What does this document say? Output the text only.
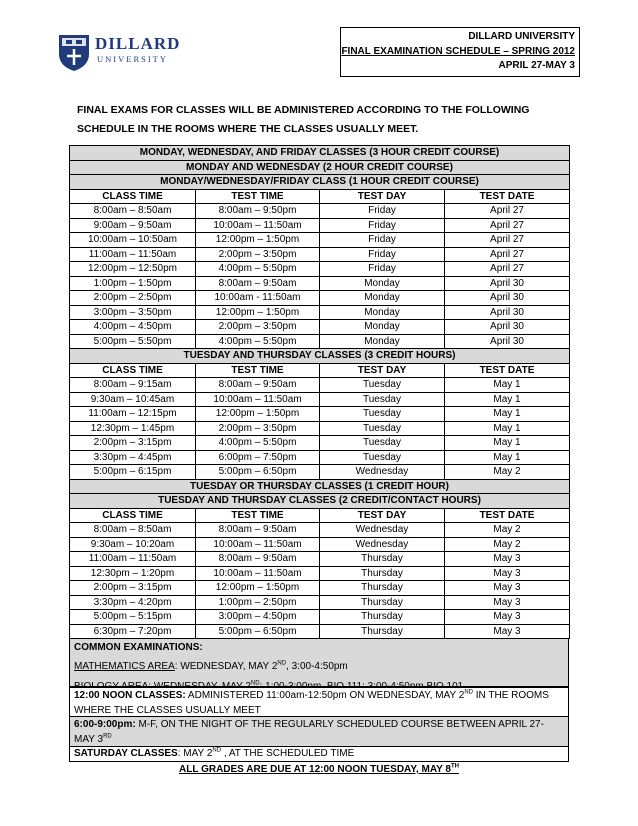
DILLARD
UNIVERSITY
DILLARD UNIVERSITY
FINAL EXAMINATION SCHEDULE – SPRING 2012
APRIL 27-MAY 3
FINAL EXAMS FOR CLASSES WILL BE ADMINISTERED ACCORDING TO THE FOLLOWING SCHEDULE IN THE ROOMS WHERE THE CLASSES USUALLY MEET.
MONDAY, WEDNESDAY, AND FRIDAY CLASSES (3 HOUR CREDIT COURSE)			
MONDAY AND WEDNESDAY (2 HOUR CREDIT COURSE)			
MONDAY/WEDNESDAY/FRIDAY CLASS (1 HOUR CREDIT COURSE)			
CLASS TIME	TEST TIME	TEST DAY	TEST DATE
8:00am – 8:50am	8:00am – 9:50pm	Friday	April 27
9:00am – 9:50am	10:00am – 11:50am	Friday	April 27
10:00am – 10:50am	12:00pm – 1:50pm	Friday	April 27
11:00am – 11:50am	2:00pm – 3:50pm	Friday	April 27
12:00pm – 12:50pm	4:00pm – 5:50pm	Friday	April 27
1:00pm – 1:50pm	8:00am – 9:50am	Monday	April 30
2:00pm – 2:50pm	10:00am - 11:50am	Monday	April 30
3:00pm – 3:50pm	12:00pm – 1:50pm	Monday	April 30
4:00pm – 4:50pm	2:00pm – 3:50pm	Monday	April 30
5:00pm – 5:50pm	4:00pm – 5:50pm	Monday	April 30
TUESDAY AND THURSDAY CLASSES (3 CREDIT HOURS)			
CLASS TIME	TEST TIME	TEST DAY	TEST DATE
8:00am – 9:15am	8:00am – 9:50am	Tuesday	May 1
9:30am – 10:45am	10:00am – 11:50am	Tuesday	May 1
11:00am – 12:15pm	12:00pm – 1:50pm	Tuesday	May 1
12:30pm – 1:45pm	2:00pm – 3:50pm	Tuesday	May 1
2:00pm – 3:15pm	4:00pm – 5:50pm	Tuesday	May 1
3:30pm – 4:45pm	6:00pm – 7:50pm	Tuesday	May 1
5:00pm – 6:15pm	5:00pm – 6:50pm	Wednesday	May 2
TUESDAY OR THURSDAY CLASSES (1 CREDIT HOUR)			
TUESDAY AND THURSDAY CLASSES (2 CREDIT/CONTACT HOURS)			
CLASS TIME	TEST TIME	TEST DAY	TEST DATE
8:00am – 8:50am	8:00am – 9:50am	Wednesday	May 2
9:30am – 10:20am	10:00am – 11:50am	Wednesday	May 2
11:00am – 11:50am	8:00am – 9:50am	Thursday	May 3
12:30pm – 1:20pm	10:00am – 11:50am	Thursday	May 3
2:00pm – 3:15pm	12:00pm – 1:50pm	Thursday	May 3
3:30pm – 4:20pm	1:00pm – 2:50pm	Thursday	May 3
5:00pm – 5:15pm	3:00pm – 4:50pm	Thursday	May 3
6:30pm – 7:20pm	5:00pm – 6:50pm	Thursday	May 3
COMMON EXAMINATIONS:
MATHEMATICS AREA: WEDNESDAY, MAY 2ND, 3:00-4:50pm
$^{ND}$
12:00 NOON CLASSES: ADMINISTERED 11:00am-12:50pm ON WEDNESDAY, MAY 2ND IN THE ROOMS WHERE THE CLASSES USUALLY MEET
6:00-9:00pm: M-F, ON THE NIGHT OF THE REGULARLY SCHEDULED COURSE BETWEEN APRIL 27-MAY 3RD
SATURDAY CLASSES: MAY 2ND , AT THE SCHEDULED TIME
ALL GRADES ARE DUE AT 12:00 NOON TUESDAY, MAY 8TH
